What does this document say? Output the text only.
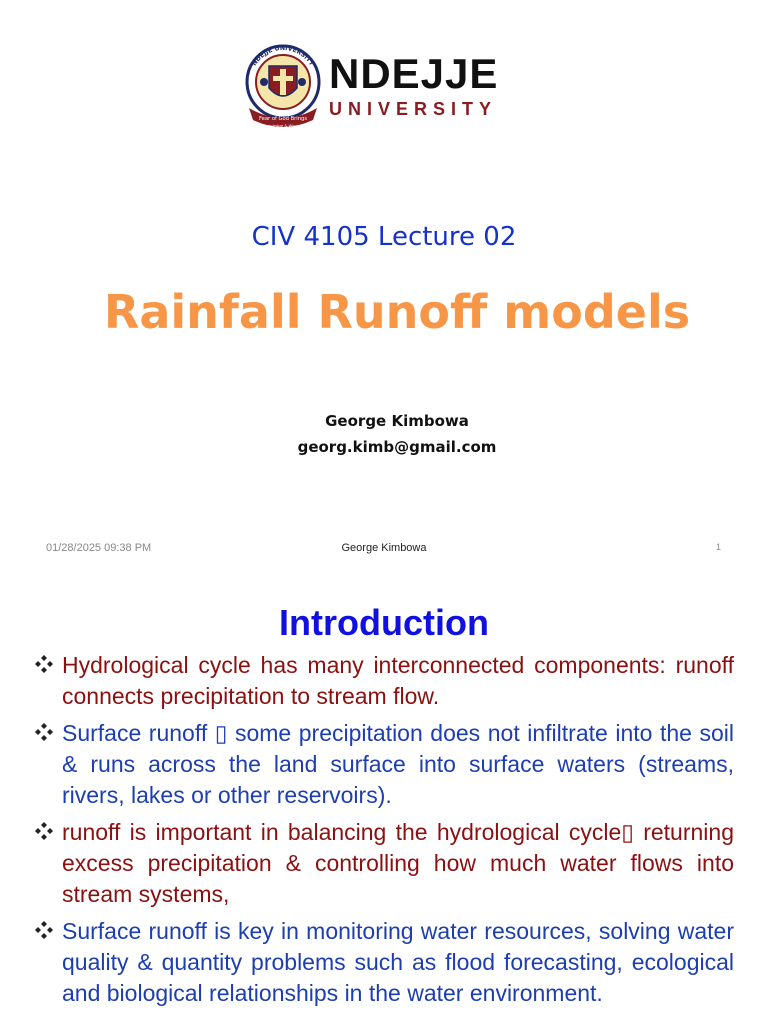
NDEJJE UNIVERSITY
Fear of God Brings
Knowledge & Wisdom
NDEJJE
UNIVERSITY
CIV 4105 Lecture 02
Rainfall Runoff models
George Kimbowa
georg.kimb@gmail.com
01/28/2025 09:38 PM	George Kimbowa	1
Introduction
Hydrological cycle has many interconnected components: runoff connects precipitation to stream flow.
Surface runoff ▯ some precipitation does not infiltrate into the soil & runs across the land surface into surface waters (streams, rivers, lakes or other reservoirs).
runoff is important in balancing the hydrological cycle▯ returning excess precipitation & controlling how much water flows into stream systems,
Surface runoff is key in monitoring water resources, solving water quality & quantity problems such as flood forecasting, ecological and biological relationships in the water environment.
